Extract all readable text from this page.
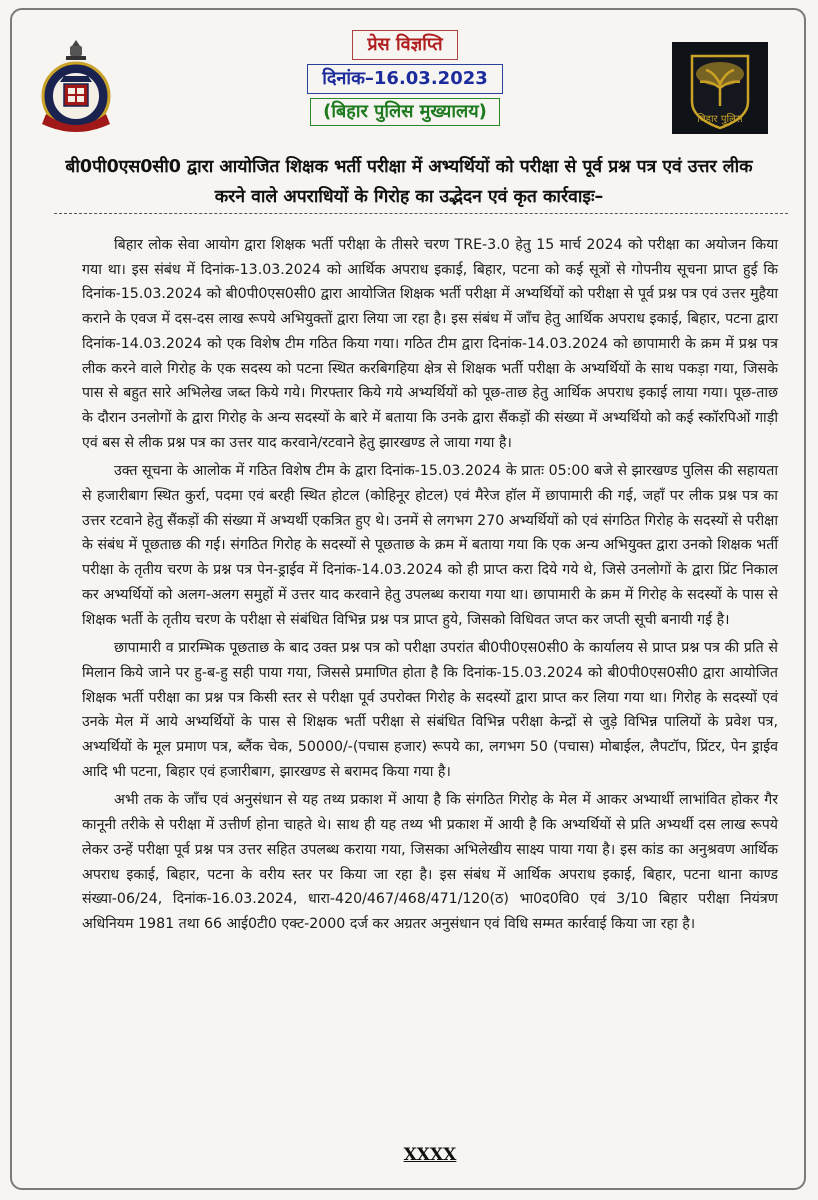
प्रेस विज्ञप्ति
दिनांक–16.03.2023
(बिहार पुलिस मुख्यालय)	बिहार पुलिस
बी0पी0एस0सी0 द्वारा आयोजित शिक्षक भर्ती परीक्षा में अभ्यर्थियों को परीक्षा से पूर्व प्रश्न पत्र एवं उत्तर लीक करने वाले अपराधियों के गिरोह का उद्भेदन एवं कृत कार्रवाइः–

बिहार लोक सेवा आयोग द्वारा शिक्षक भर्ती परीक्षा के तीसरे चरण TRE-3.0 हेतु 15 मार्च 2024 को परीक्षा का अयोजन किया गया था। इस संबंध में दिनांक-13.03.2024 को आर्थिक अपराध इकाई, बिहार, पटना को कई सूत्रों से गोपनीय सूचना प्राप्त हुई कि दिनांक-15.03.2024 को बी0पी0एस0सी0 द्वारा आयोजित शिक्षक भर्ती परीक्षा में अभ्यर्थियों को परीक्षा से पूर्व प्रश्न पत्र एवं उत्तर मुहैया कराने के एवज में दस-दस लाख रूपये अभियुक्तों द्वारा लिया जा रहा है। इस संबंध में जाँच हेतु आर्थिक अपराध इकाई, बिहार, पटना द्वारा दिनांक-14.03.2024 को एक विशेष टीम गठित किया गया। गठित टीम द्वारा दिनांक-14.03.2024 को छापामारी के क्रम में प्रश्न पत्र लीक करने वाले गिरोह के एक सदस्य को पटना स्थित करबिगहिया क्षेत्र से शिक्षक भर्ती परीक्षा के अभ्यर्थियों के साथ पकड़ा गया, जिसके पास से बहुत सारे अभिलेख जब्त किये गये। गिरफ्तार किये गये अभ्यर्थियों को पूछ-ताछ हेतु आर्थिक अपराध इकाई लाया गया। पूछ-ताछ के दौरान उनलोगों के द्वारा गिरोह के अन्य सदस्यों के बारे में बताया कि उनके द्वारा सैंकड़ों की संख्या में अभ्यर्थियो को कई स्कॉरपिओं गाड़ी एवं बस से लीक प्रश्न पत्र का उत्तर याद करवाने/रटवाने हेतु झारखण्ड ले जाया गया है।

उक्त सूचना के आलोक में गठित विशेष टीम के द्वारा दिनांक-15.03.2024 के प्रातः 05:00 बजे से झारखण्ड पुलिस की सहायता से हजारीबाग स्थित कुर्रा, पदमा एवं बरही स्थित होटल (कोहिनूर होटल) एवं मैरेज हॉल में छापामारी की गई, जहाँ पर लीक प्रश्न पत्र का उत्तर रटवाने हेतु सैंकड़ों की संख्या में अभ्यर्थी एकत्रित हुए थे। उनमें से लगभग 270 अभ्यर्थियों को एवं संगठित गिरोह के सदस्यों से परीक्षा के संबंध में पूछताछ की गई। संगठित गिरोह के सदस्यों से पूछताछ के क्रम में बताया गया कि एक अन्य अभियुक्त द्वारा उनको शिक्षक भर्ती परीक्षा के तृतीय चरण के प्रश्न पत्र पेन-ड्राईव में दिनांक-14.03.2024 को ही प्राप्त करा दिये गये थे, जिसे उनलोगों के द्वारा प्रिंट निकाल कर अभ्यर्थियों को अलग-अलग समुहों में उत्तर याद करवाने हेतु उपलब्ध कराया गया था। छापामारी के क्रम में गिरोह के सदस्यों के पास से शिक्षक भर्ती के तृतीय चरण के परीक्षा से संबंधित विभिन्न प्रश्न पत्र प्राप्त हुये, जिसको विधिवत जप्त कर जप्ती सूची बनायी गई है।

छापामारी व प्रारम्भिक पूछताछ के बाद उक्त प्रश्न पत्र को परीक्षा उपरांत बी0पी0एस0सी0 के कार्यालय से प्राप्त प्रश्न पत्र की प्रति से मिलान किये जाने पर हु-ब-हु सही पाया गया, जिससे प्रमाणित होता है कि दिनांक-15.03.2024 को बी0पी0एस0सी0 द्वारा आयोजित शिक्षक भर्ती परीक्षा का प्रश्न पत्र किसी स्तर से परीक्षा पूर्व उपरोक्त गिरोह के सदस्यों द्वारा प्राप्त कर लिया गया था। गिरोह के सदस्यों एवं उनके मेल में आये अभ्यर्थियों के पास से शिक्षक भर्ती परीक्षा से संबंधित विभिन्न परीक्षा केन्द्रों से जुड़े विभिन्न पालियों के प्रवेश पत्र, अभ्यर्थियों के मूल प्रमाण पत्र, ब्लैंक चेक, 50000/-(पचास हजार) रूपये का, लगभग 50 (पचास) मोबाईल, लैपटॉप, प्रिंटर, पेन ड्राईव आदि भी पटना, बिहार एवं हजारीबाग, झारखण्ड से बरामद किया गया है।

अभी तक के जाँच एवं अनुसंधान से यह तथ्य प्रकाश में आया है कि संगठित गिरोह के मेल में आकर अभ्यार्थी लाभांवित होकर गैर कानूनी तरीके से परीक्षा में उत्तीर्ण होना चाहते थे। साथ ही यह तथ्य भी प्रकाश में आयी है कि अभ्यर्थियों से प्रति अभ्यर्थी दस लाख रूपये लेकर उन्हें परीक्षा पूर्व प्रश्न पत्र उत्तर सहित उपलब्ध कराया गया, जिसका अभिलेखीय साक्ष्य पाया गया है। इस कांड का अनुश्रवण आर्थिक अपराध इकाई, बिहार, पटना के वरीय स्तर पर किया जा रहा है। इस संबंध में आर्थिक अपराध इकाई, बिहार, पटना थाना काण्ड संख्या-06/24, दिनांक-16.03.2024, धारा-420/467/468/471/120(ठ) भा0द0वि0 एवं 3/10 बिहार परीक्षा नियंत्रण अधिनियम 1981 तथा 66 आई0टी0 एक्ट-2000 दर्ज कर अग्रतर अनुसंधान एवं विधि सम्मत कार्रवाई किया जा रहा है।

XXXX
